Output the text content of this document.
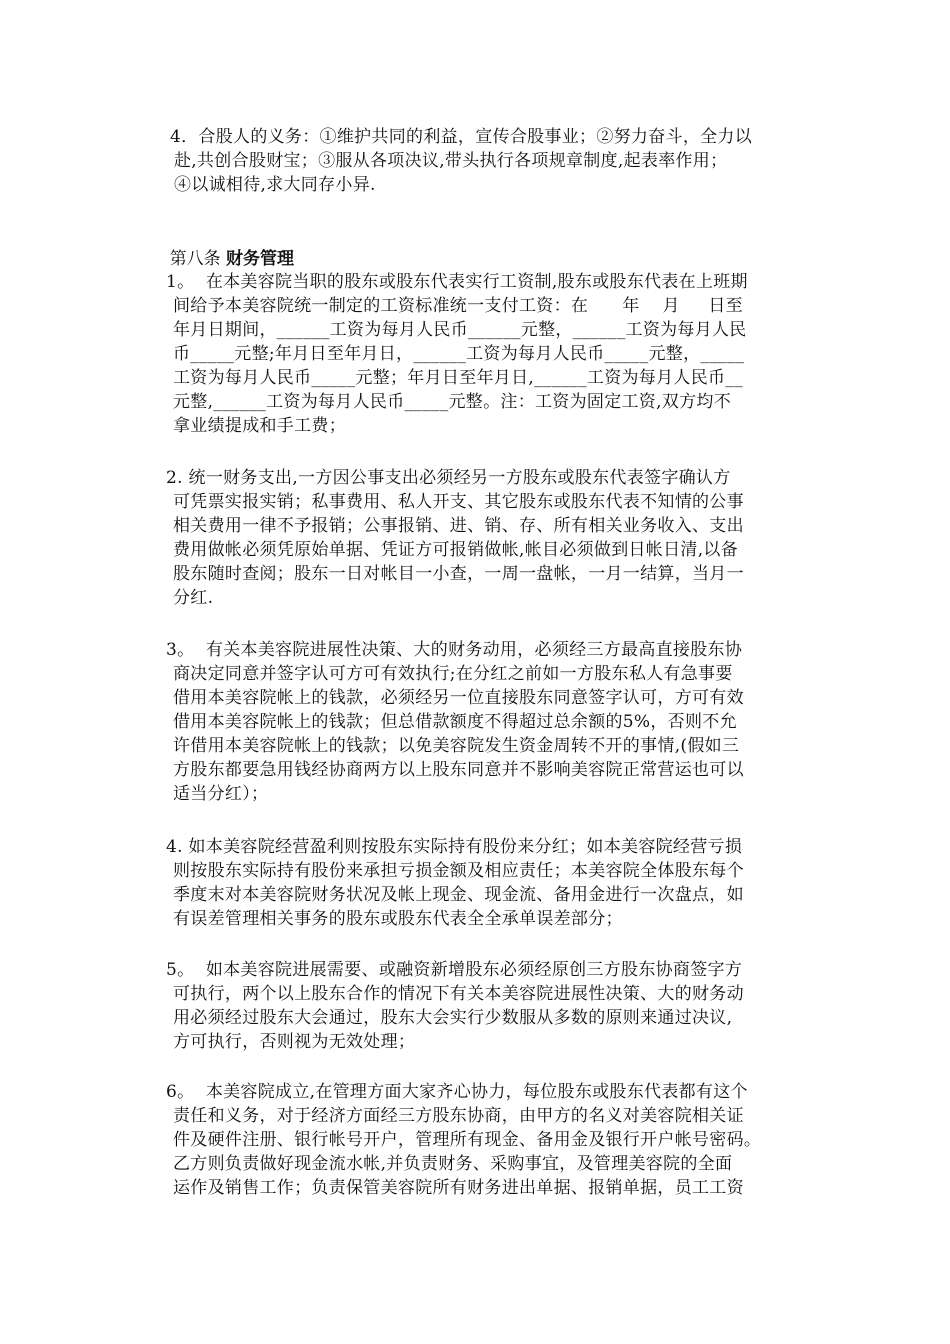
4．合股人的义务：①维护共同的利益，宣传合股事业；②努力奋斗，全力以
赴,共创合股财宝；③服从各项决议,带头执行各项规章制度,起表率作用；
④以诚相待,求大同存小异.

第八条 财务管理

1。  在本美容院当职的股东或股东代表实行工资制,股东或股东代表在上班期
间给予本美容院统一制定的工资标准统一支付工资：在      年    月     日至
年月日期间，______工资为每月人民币______元整，______工资为每月人民
币_____元整;年月日至年月日，______工资为每月人民币_____元整，_____
工资为每月人民币_____元整；年月日至年月日,______工资为每月人民币__
元整,______工资为每月人民币_____元整。注：工资为固定工资,双方均不
拿业绩提成和手工费；
2. 统一财务支出,一方因公事支出必须经另一方股东或股东代表签字确认方
可凭票实报实销；私事费用、私人开支、其它股东或股东代表不知情的公事
相关费用一律不予报销；公事报销、进、销、存、所有相关业务收入、支出
费用做帐必须凭原始单据、凭证方可报销做帐,帐目必须做到日帐日清,以备
股东随时查阅；股东一日对帐目一小查，一周一盘帐，一月一结算，当月一
分红.
3。  有关本美容院进展性决策、大的财务动用，必须经三方最高直接股东协
商决定同意并签字认可方可有效执行;在分红之前如一方股东私人有急事要
借用本美容院帐上的钱款，必须经另一位直接股东同意签字认可，方可有效
借用本美容院帐上的钱款；但总借款额度不得超过总余额的5%，否则不允
许借用本美容院帐上的钱款；以免美容院发生资金周转不开的事情,(假如三
方股东都要急用钱经协商两方以上股东同意并不影响美容院正常营运也可以
适当分红）；
4. 如本美容院经营盈利则按股东实际持有股份来分红；如本美容院经营亏损
则按股东实际持有股份来承担亏损金额及相应责任；本美容院全体股东每个
季度末对本美容院财务状况及帐上现金、现金流、备用金进行一次盘点，如
有误差管理相关事务的股东或股东代表全全承单误差部分；
5。  如本美容院进展需要、或融资新增股东必须经原创三方股东协商签字方
可执行，两个以上股东合作的情况下有关本美容院进展性决策、大的财务动
用必须经过股东大会通过，股东大会实行少数服从多数的原则来通过决议,
方可执行，否则视为无效处理；
6。  本美容院成立,在管理方面大家齐心协力，每位股东或股东代表都有这个
责任和义务，对于经济方面经三方股东协商，由甲方的名义对美容院相关证
件及硬件注册、银行帐号开户，管理所有现金、备用金及银行开户帐号密码。
乙方则负责做好现金流水帐,并负责财务、采购事宜，及管理美容院的全面
运作及销售工作；负责保管美容院所有财务进出单据、报销单据，员工工资
